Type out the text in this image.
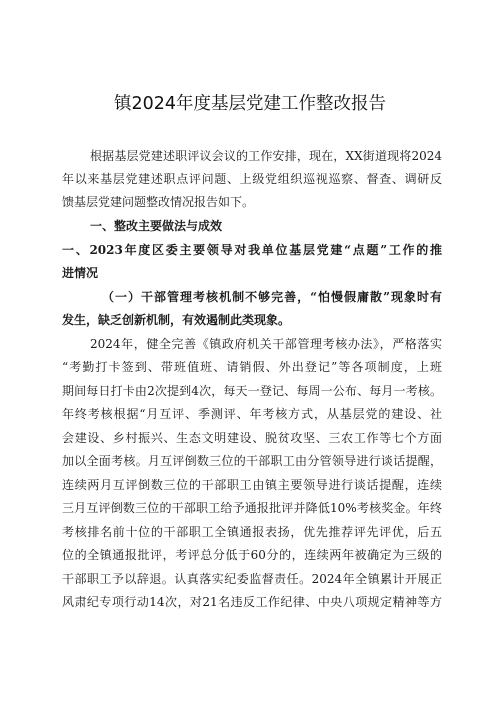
镇2024年度基层党建工作整改报告
根据基层党建述职评议会议的工作安排，现在，XX街道现将2024
年以来基层党建述职点评问题、上级党组织巡视巡察、督查、调研反
馈基层党建问题整改情况报告如下。
一、整改主要做法与成效
一、2023年度区委主要领导对我单位基层党建“点题”工作的推
进情况
（一）干部管理考核机制不够完善，“怕慢假庸散”现象时有
发生，缺乏创新机制，有效遏制此类现象。
2024年，健全完善《镇政府机关干部管理考核办法》，严格落实
“考勤打卡签到、带班值班、请销假、外出登记”等各项制度，上班
期间每日打卡由2次提到4次，每天一登记、每周一公布、每月一考核。
年终考核根据“月互评、季测评、年考核方式，从基层党的建设、社
会建设、乡村振兴、生态文明建设、脱贫攻坚、三农工作等七个方面
加以全面考核。月互评倒数三位的干部职工由分管领导进行谈话提醒，
连续两月互评倒数三位的干部职工由镇主要领导进行谈话提醒，连续
三月互评倒数三位的干部职工给予通报批评并降低10%考核奖金。年终
考核排名前十位的干部职工全镇通报表扬，优先推荐评先评优，后五
位的全镇通报批评，考评总分低于60分的，连续两年被确定为三级的
干部职工予以辞退。认真落实纪委监督责任。2024年全镇累计开展正
风肃纪专项行动14次，对21名违反工作纪律、中央八项规定精神等方
